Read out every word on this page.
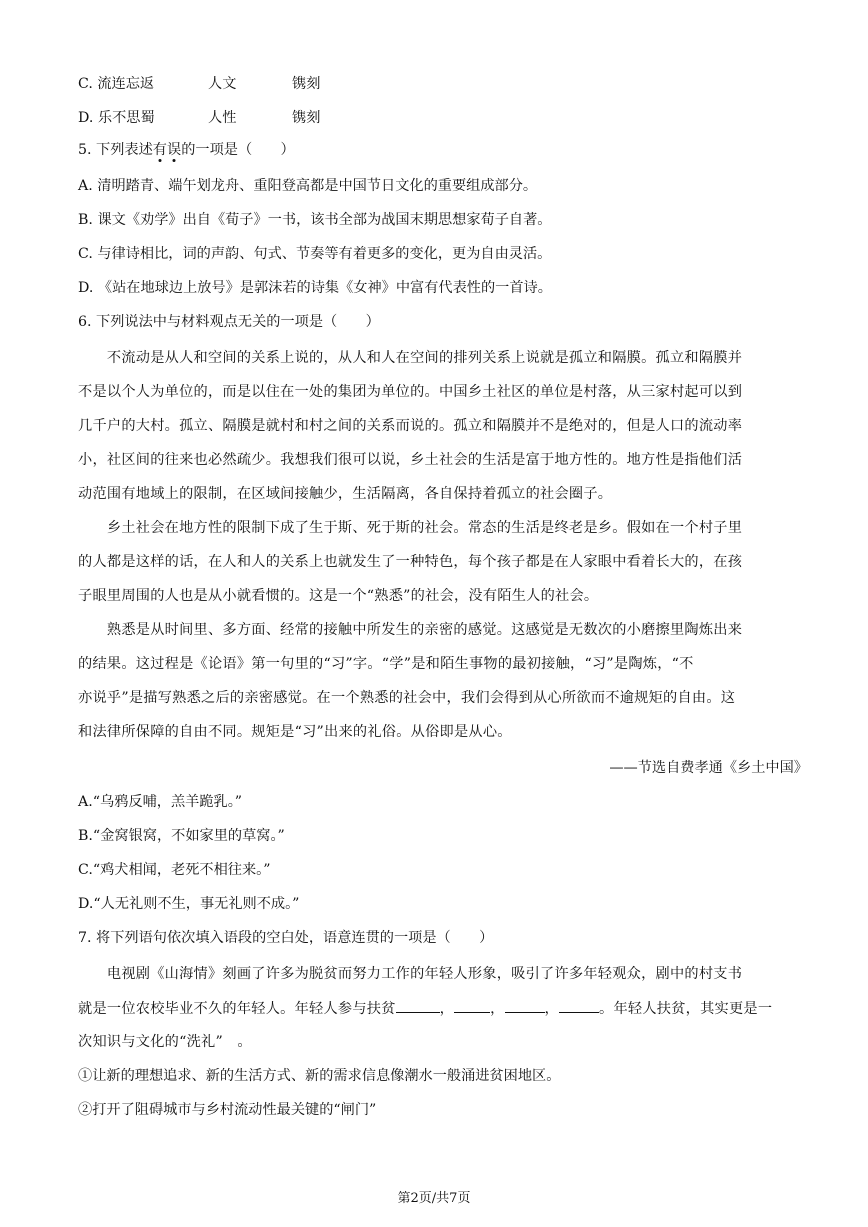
C. 流连忘返	人文	镌刻
D. 乐不思蜀	人性	镌刻
5. 下列表述有误的一项是（　　）
A. 清明踏青、端午划龙舟、重阳登高都是中国节日文化的重要组成部分。
B. 课文《劝学》出自《荀子》一书，该书全部为战国末期思想家荀子自著。
C. 与律诗相比，词的声韵、句式、节奏等有着更多的变化，更为自由灵活。
D. 《站在地球边上放号》是郭沫若的诗集《女神》中富有代表性的一首诗。
6. 下列说法中与材料观点无关的一项是（　　）
　　不流动是从人和空间的关系上说的，从人和人在空间的排列关系上说就是孤立和隔膜。孤立和隔膜并
不是以个人为单位的，而是以住在一处的集团为单位的。中国乡土社区的单位是村落，从三家村起可以到
几千户的大村。孤立、隔膜是就村和村之间的关系而说的。孤立和隔膜并不是绝对的，但是人口的流动率
小，社区间的往来也必然疏少。我想我们很可以说，乡土社会的生活是富于地方性的。地方性是指他们活
动范围有地域上的限制，在区域间接触少，生活隔离，各自保持着孤立的社会圈子。
　　乡土社会在地方性的限制下成了生于斯、死于斯的社会。常态的生活是终老是乡。假如在一个村子里
的人都是这样的话，在人和人的关系上也就发生了一种特色，每个孩子都是在人家眼中看着长大的，在孩
子眼里周围的人也是从小就看惯的。这是一个“熟悉”的社会，没有陌生人的社会。
　　熟悉是从时间里、多方面、经常的接触中所发生的亲密的感觉。这感觉是无数次的小磨擦里陶炼出来
的结果。这过程是《论语》第一句里的“习”字。“学”是和陌生事物的最初接触，“习”是陶炼，“不
亦说乎”是描写熟悉之后的亲密感觉。在一个熟悉的社会中，我们会得到从心所欲而不逾规矩的自由。这
和法律所保障的自由不同。规矩是“习”出来的礼俗。从俗即是从心。
——节选自费孝通《乡土中国》
A.“乌鸦反哺，羔羊跪乳。”
B.“金窝银窝，不如家里的草窝。”
C.“鸡犬相闻，老死不相往来。”
D.“人无礼则不生，事无礼则不成。”
7. 将下列语句依次填入语段的空白处，语意连贯的一项是（　　）
　　电视剧《山海情》刻画了许多为脱贫而努力工作的年轻人形象，吸引了许多年轻观众，剧中的村支书
就是一位农校毕业不久的年轻人。年轻人参与扶贫	，	，	，	。年轻人扶贫，其实更是一
次知识与文化的“洗礼”　。
①让新的理想追求、新的生活方式、新的需求信息像潮水一般涌进贫困地区。
②打开了阻碍城市与乡村流动性最关键的“闸门”
第2页/共7页
